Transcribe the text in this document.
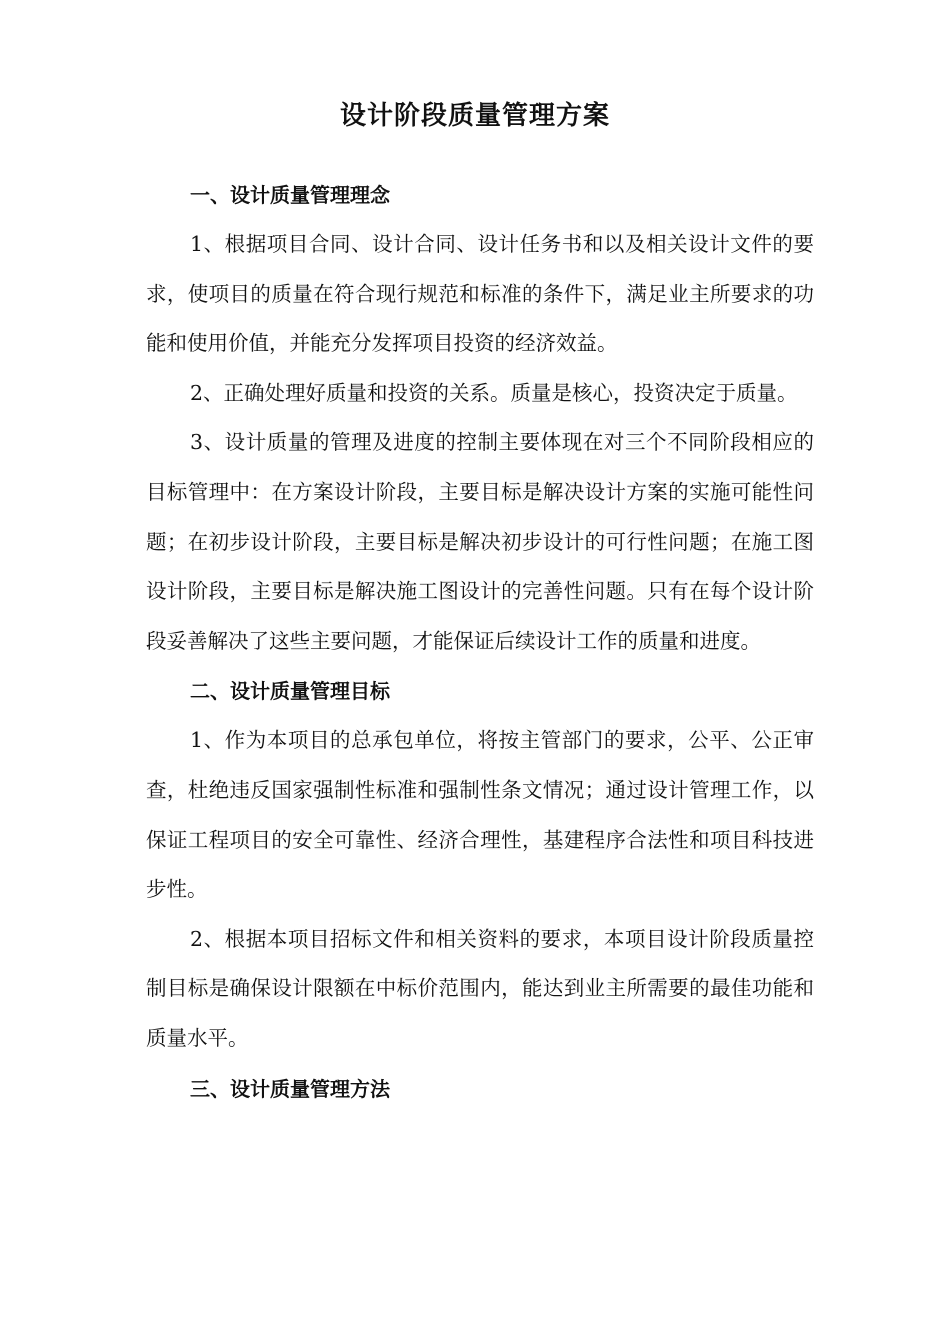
设计阶段质量管理方案
一、设计质量管理理念

1、根据项目合同、设计合同、设计任务书和以及相关设计文件的要求，使项目的质量在符合现行规范和标准的条件下，满足业主所要求的功能和使用价值，并能充分发挥项目投资的经济效益。

2、正确处理好质量和投资的关系。质量是核心，投资决定于质量。

3、设计质量的管理及进度的控制主要体现在对三个不同阶段相应的目标管理中：在方案设计阶段，主要目标是解决设计方案的实施可能性问题；在初步设计阶段，主要目标是解决初步设计的可行性问题；在施工图设计阶段，主要目标是解决施工图设计的完善性问题。只有在每个设计阶段妥善解决了这些主要问题，才能保证后续设计工作的质量和进度。

二、设计质量管理目标

1、作为本项目的总承包单位，将按主管部门的要求，公平、公正审查，杜绝违反国家强制性标准和强制性条文情况；通过设计管理工作，以保证工程项目的安全可靠性、经济合理性，基建程序合法性和项目科技进步性。

2、根据本项目招标文件和相关资料的要求，本项目设计阶段质量控制目标是确保设计限额在中标价范围内，能达到业主所需要的最佳功能和质量水平。

三、设计质量管理方法
